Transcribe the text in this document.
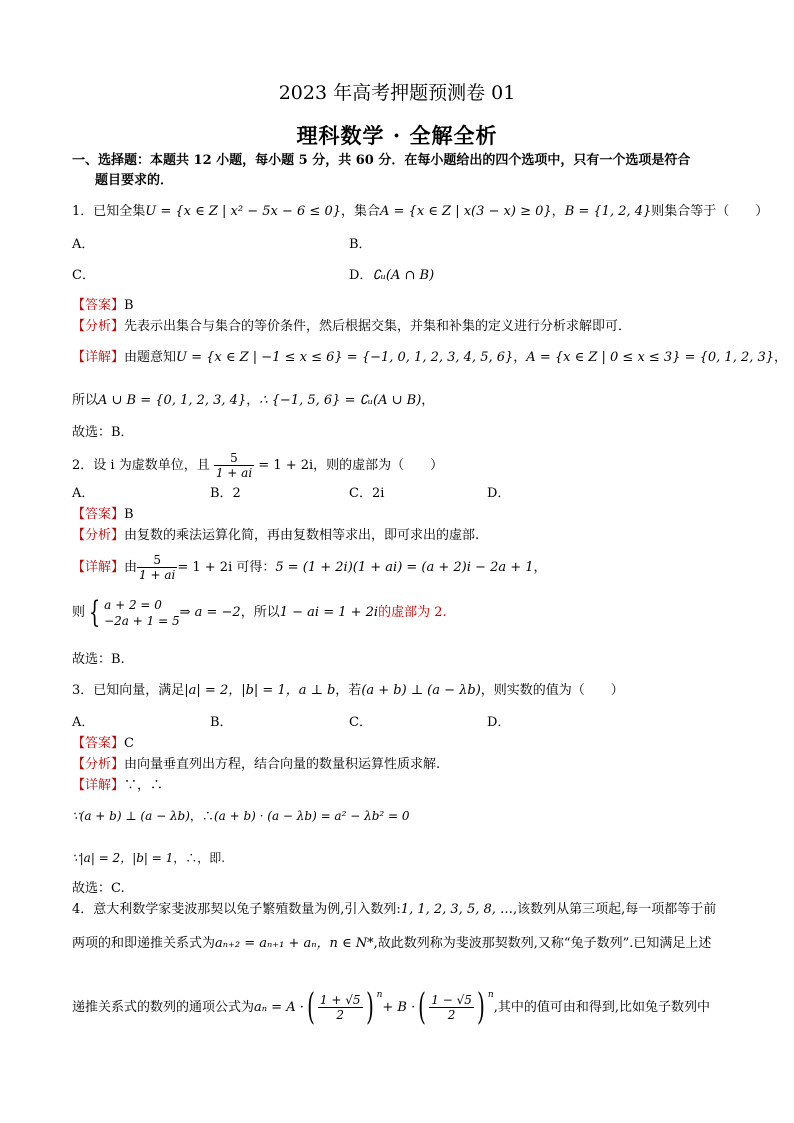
2023 年高考押题预测卷 01
理科数学 · 全解全析
一、选择题：本题共 12 小题，每小题 5 分，共 60 分．在每小题给出的四个选项中，只有一个选项是符合
题目要求的．
1．已知全集U = {x ∈ Z | x² − 5x − 6 ≤ 0}，集合A = {x ∈ Z | x(3 − x) ≥ 0}，B = {1, 2, 4}则集合等于（　　）
A．	B．
C．	D．∁ᵤ(A ∩ B)
【答案】B
【分析】先表示出集合与集合的等价条件，然后根据交集，并集和补集的定义进行分析求解即可．
【详解】由题意知U = {x ∈ Z | −1 ≤ x ≤ 6} = {−1, 0, 1, 2, 3, 4, 5, 6}，A = {x ∈ Z | 0 ≤ x ≤ 3} = {0, 1, 2, 3}，
所以A ∪ B = {0, 1, 2, 3, 4}，∴ {−1, 5, 6} = ∁ᵤ(A ∪ B)，
故选：B．
2．设 i 为虚数单位，且 $\frac{5}{1 + ai} = 1 + 2i$，则的虚部为（　　）
A．	B．2	C．2i	D．
【答案】B
【分析】由复数的乘法运算化简，再由复数相等求出，即可求出的虚部.
【详解】由 $\frac{5}{1 + ai} = 1 + 2i$ 可得：5 = (1 + 2i)(1 + ai) = (a + 2)i − 2a + 1，
则 { a + 2 = 0
−2a + 1 = 5
⇒ a = −2，所以1 − ai = 1 + 2i的虚部为 2.
故选：B.
3．已知向量，满足|a| = 2，|b| = 1，a ⊥ b，若(a + b) ⊥ (a − λb)，则实数的值为（　　）
A．	B．	C．	D．
【答案】C
【分析】由向量垂直列出方程，结合向量的数量积运算性质求解.
【详解】∵，∴
∵(a + b) ⊥ (a − λb)，∴(a + b) · (a − λb) = a² − λb² = 0
∵|a| = 2，|b| = 1，∴，即.
故选：C.
4．意大利数学家斐波那契以兔子繁殖数量为例,引入数列:1, 1, 2, 3, 5, 8, …,该数列从第三项起,每一项都等于前
两项的和即递推关系式为aₙ₊₂ = aₙ₊₁ + aₙ，n ∈ N*,故此数列称为斐波那契数列,又称“兔子数列”.已知满足上述
递推关系式的数列的通项公式为aₙ = A ·( $\frac{1 + √5}{2}$ ) $^n$+ B ·( $\frac{1 - √5}{2}$ ) $^n$,其中的值可由和得到,比如兔子数列中
